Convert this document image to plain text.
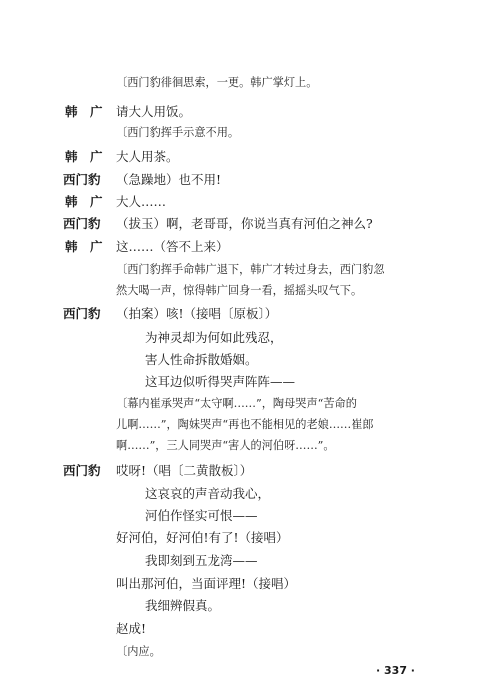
〔西门豹徘徊思索，一更。韩广掌灯上。
韩　广 请大人用饭。
〔西门豹挥手示意不用。
韩　广 大人用茶。
西门豹 （急躁地）也不用!
韩　广 大人……
西门豹 （拔玉）啊，老哥哥，你说当真有河伯之神么?
韩　广 这……（答不上来）
〔西门豹挥手命韩广退下，韩广才转过身去，西门豹忽
然大喝一声，惊得韩广回身一看，摇摇头叹气下。
西门豹 （拍案）咳!（接唱〔原板〕）
为神灵却为何如此残忍，
害人性命拆散婚姻。
这耳边似听得哭声阵阵——
〔幕内崔承哭声“太守啊……”，陶母哭声“苦命的
儿啊……”，陶妹哭声“再也不能相见的老娘……崔郎
啊……”，三人同哭声“害人的河伯呀……”。
西门豹 哎呀!（唱〔二黄散板〕）
这哀哀的声音动我心，
河伯作怪实可恨——
好河伯，好河伯!有了!（接唱）
我即刻到五龙湾——
叫出那河伯，当面评理!（接唱）
我细辨假真。
赵成!
〔内应。
· 337 ·
